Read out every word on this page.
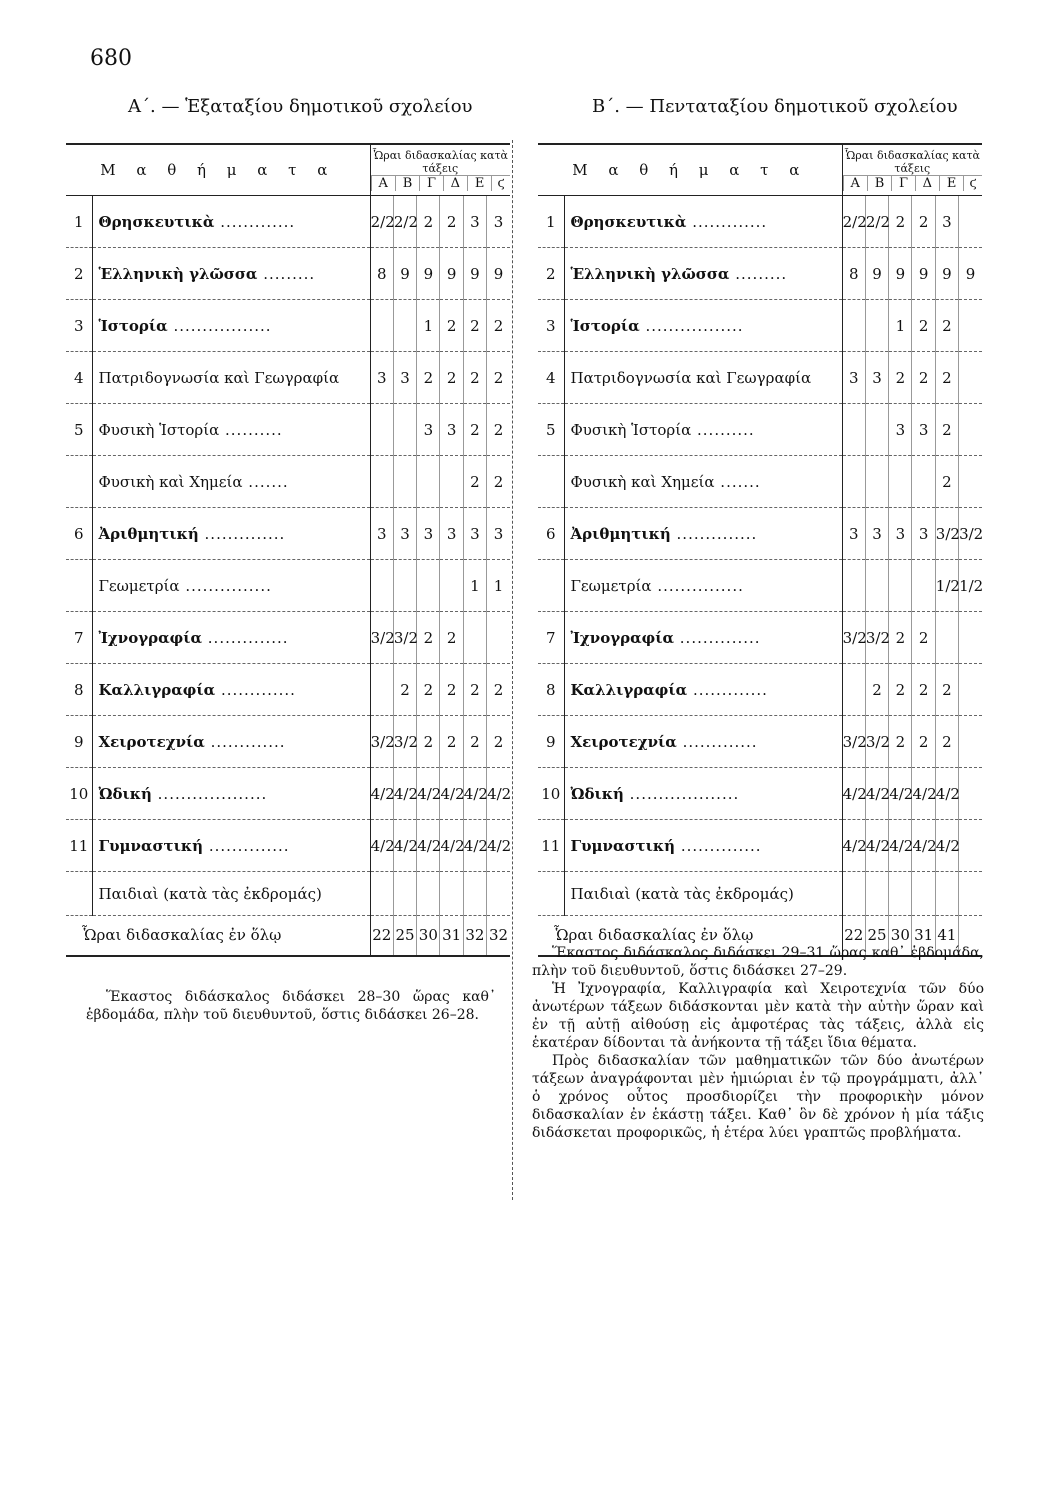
680
Α΄. — Ἑξαταξίου δημοτικοῦ σχολείου	Β΄. — Πενταταξίου δημοτικοῦ σχολείου
Μ α θ ή μ α τ α

Ὧραι διδασκαλίας κατὰ τάξεις
Α	Β	Γ	Δ	Ε	ϛ

1	Θρησκευτικὰ .............	2/2	2/2	2	2	3	3
2	Ἑλληνικὴ γλῶσσα .........	8	9	9	9	9	9
3	Ἱστορία .................			1	2	2	2
4	Πατριδογνωσία καὶ Γεωγραφία	3	3	2	2	2	2
5	Φυσικὴ Ἱστορία ..........			3	3	2	2
	Φυσικὴ καὶ Χημεία .......					2	2
6	Ἀριθμητική ..............	3	3	3	3	3	3
	Γεωμετρία ...............					1	1
7	Ἰχνογραφία ..............	3/2	3/2	2	2		
8	Καλλιγραφία .............		2	2	2	2	2
9	Χειροτεχνία .............	3/2	3/2	2	2	2	2
10	Ὠδική ...................	4/2	4/2	4/2	4/2	4/2	4/2
11	Γυμναστική ..............	4/2	4/2	4/2	4/2	4/2	4/2
	Παιδιαὶ (κατὰ τὰς ἐκδρομάς)						
Ὧραι διδασκαλίας ἐν ὅλῳ	22	25	30	31	32	32
Μ α θ ή μ α τ α

Ὧραι διδασκαλίας κατὰ τάξεις
Α	Β	Γ	Δ	Ε	ϛ

1	Θρησκευτικὰ .............	2/2	2/2	2	2	3	
2	Ἑλληνικὴ γλῶσσα .........	8	9	9	9	9	9
3	Ἱστορία .................			1	2	2	
4	Πατριδογνωσία καὶ Γεωγραφία	3	3	2	2	2	
5	Φυσικὴ Ἱστορία ..........			3	3	2	
	Φυσικὴ καὶ Χημεία .......					2	
6	Ἀριθμητική ..............	3	3	3	3	3/2	3/2
	Γεωμετρία ...............					1/2	1/2
7	Ἰχνογραφία ..............	3/2	3/2	2	2		
8	Καλλιγραφία .............		2	2	2	2	
9	Χειροτεχνία .............	3/2	3/2	2	2	2	
10	Ὠδική ...................	4/2	4/2	4/2	4/2	4/2	
11	Γυμναστική ..............	4/2	4/2	4/2	4/2	4/2	
	Παιδιαὶ (κατὰ τὰς ἐκδρομάς)						
Ὧραι διδασκαλίας ἐν ὅλῳ	22	25	30	31	41	

Ἕκαστος διδάσκαλος διδάσκει 28–30 ὥρας καθ᾽ ἑβδομάδα, πλὴν τοῦ διευθυντοῦ, ὅστις διδάσκει 26–28.

Ἕκαστος διδάσκαλος διδάσκει 29–31 ὥρας καθ᾽ ἑβδομάδα, πλὴν τοῦ διευθυντοῦ, ὅστις διδάσκει 27–29.

Ἡ Ἰχνογραφία, Καλλιγραφία καὶ Χειροτεχνία τῶν δύο ἀνωτέρων τάξεων διδάσκονται μὲν κατὰ τὴν αὐτὴν ὥραν καὶ ἐν τῇ αὐτῇ αἰθούσῃ εἰς ἀμφοτέρας τὰς τάξεις, ἀλλὰ εἰς ἑκατέραν δίδονται τὰ ἀνήκοντα τῇ τάξει ἴδια θέματα.

Πρὸς διδασκαλίαν τῶν μαθηματικῶν τῶν δύο ἀνωτέρων τάξεων ἀναγράφονται μὲν ἡμιώριαι ἐν τῷ προγράμματι, ἀλλ᾽ ὁ χρόνος οὗτος προσδιορίζει τὴν προφορικὴν μόνον διδασκαλίαν ἐν ἑκάστῃ τάξει. Καθ᾽ ὃν δὲ χρόνον ἡ μία τάξις διδάσκεται προφορικῶς, ἡ ἑτέρα λύει γραπτῶς προβλήματα.
